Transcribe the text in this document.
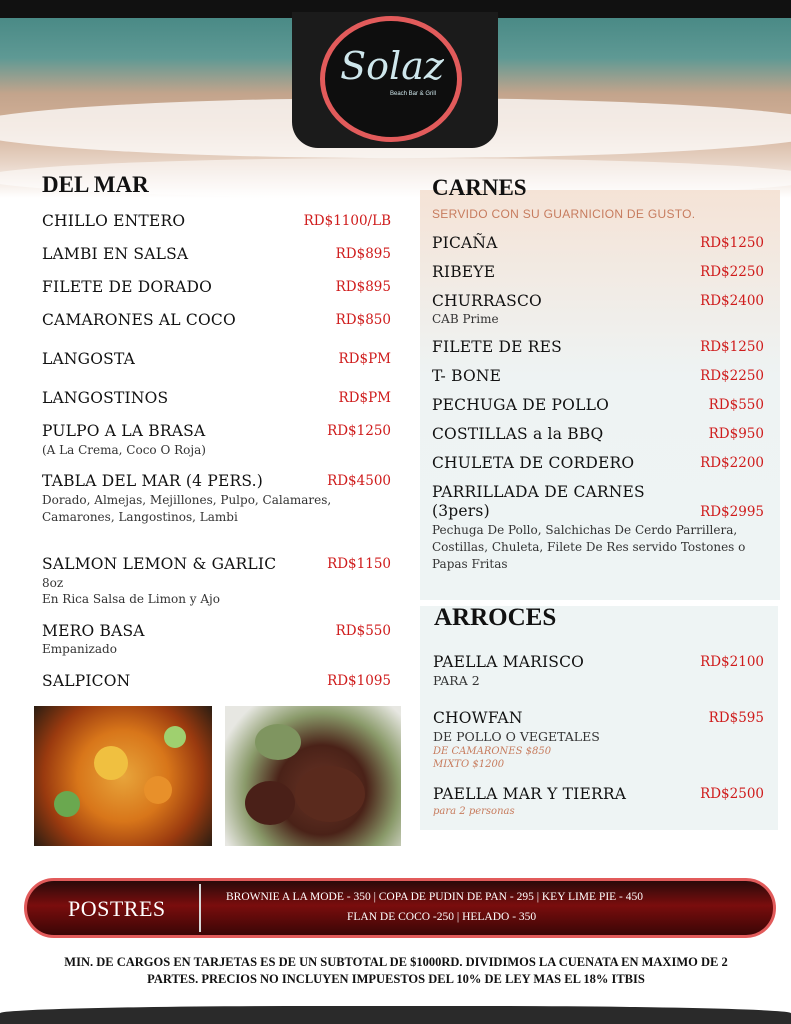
Solaz
Beach Bar & Grill
DEL MAR
CHILLO ENTERO	RD$1100/LB
LAMBI EN SALSA	RD$895
FILETE DE DORADO	RD$895
CAMARONES AL COCO	RD$850
LANGOSTA	RD$PM
LANGOSTINOS	RD$PM
PULPO A LA BRASA	RD$1250
(A La Crema, Coco O Roja)
TABLA DEL MAR (4 PERS.)	RD$4500
Dorado, Almejas, Mejillones, Pulpo, Calamares,
Camarones, Langostinos, Lambi
SALMON LEMON & GARLIC	RD$1150
8oz
En Rica Salsa de Limon y Ajo
MERO BASA	RD$550
Empanizado
SALPICON	RD$1095
CARNES
SERVIDO CON SU GUARNICION DE GUSTO.
PICAÑA	RD$1250
RIBEYE	RD$2250
CHURRASCO	RD$2400
CAB Prime
FILETE DE RES	RD$1250
T- BONE	RD$2250
PECHUGA DE POLLO	RD$550
COSTILLAS a la BBQ	RD$950
CHULETA DE CORDERO	RD$2200
PARRILLADA DE CARNES
(3pers)	RD$2995
Pechuga De Pollo, Salchichas De Cerdo Parrillera,
Costillas, Chuleta, Filete De Res servido Tostones o
Papas Fritas
ARROCES
PAELLA MARISCO	RD$2100
PARA 2
CHOWFAN	RD$595
DE POLLO O VEGETALES
DE CAMARONES $850
MIXTO $1200
PAELLA MAR Y TIERRA	RD$2500
para 2 personas
POSTRES	BROWNIE A LA MODE - 350 | COPA DE PUDIN DE PAN - 295 | KEY LIME PIE - 450
FLAN DE COCO -250 | HELADO - 350
MIN. DE CARGOS EN TARJETAS ES DE UN SUBTOTAL DE $1000RD. DIVIDIMOS LA CUENATA EN MAXIMO DE 2
PARTES. PRECIOS NO INCLUYEN IMPUESTOS DEL 10% DE LEY MAS EL 18% ITBIS
